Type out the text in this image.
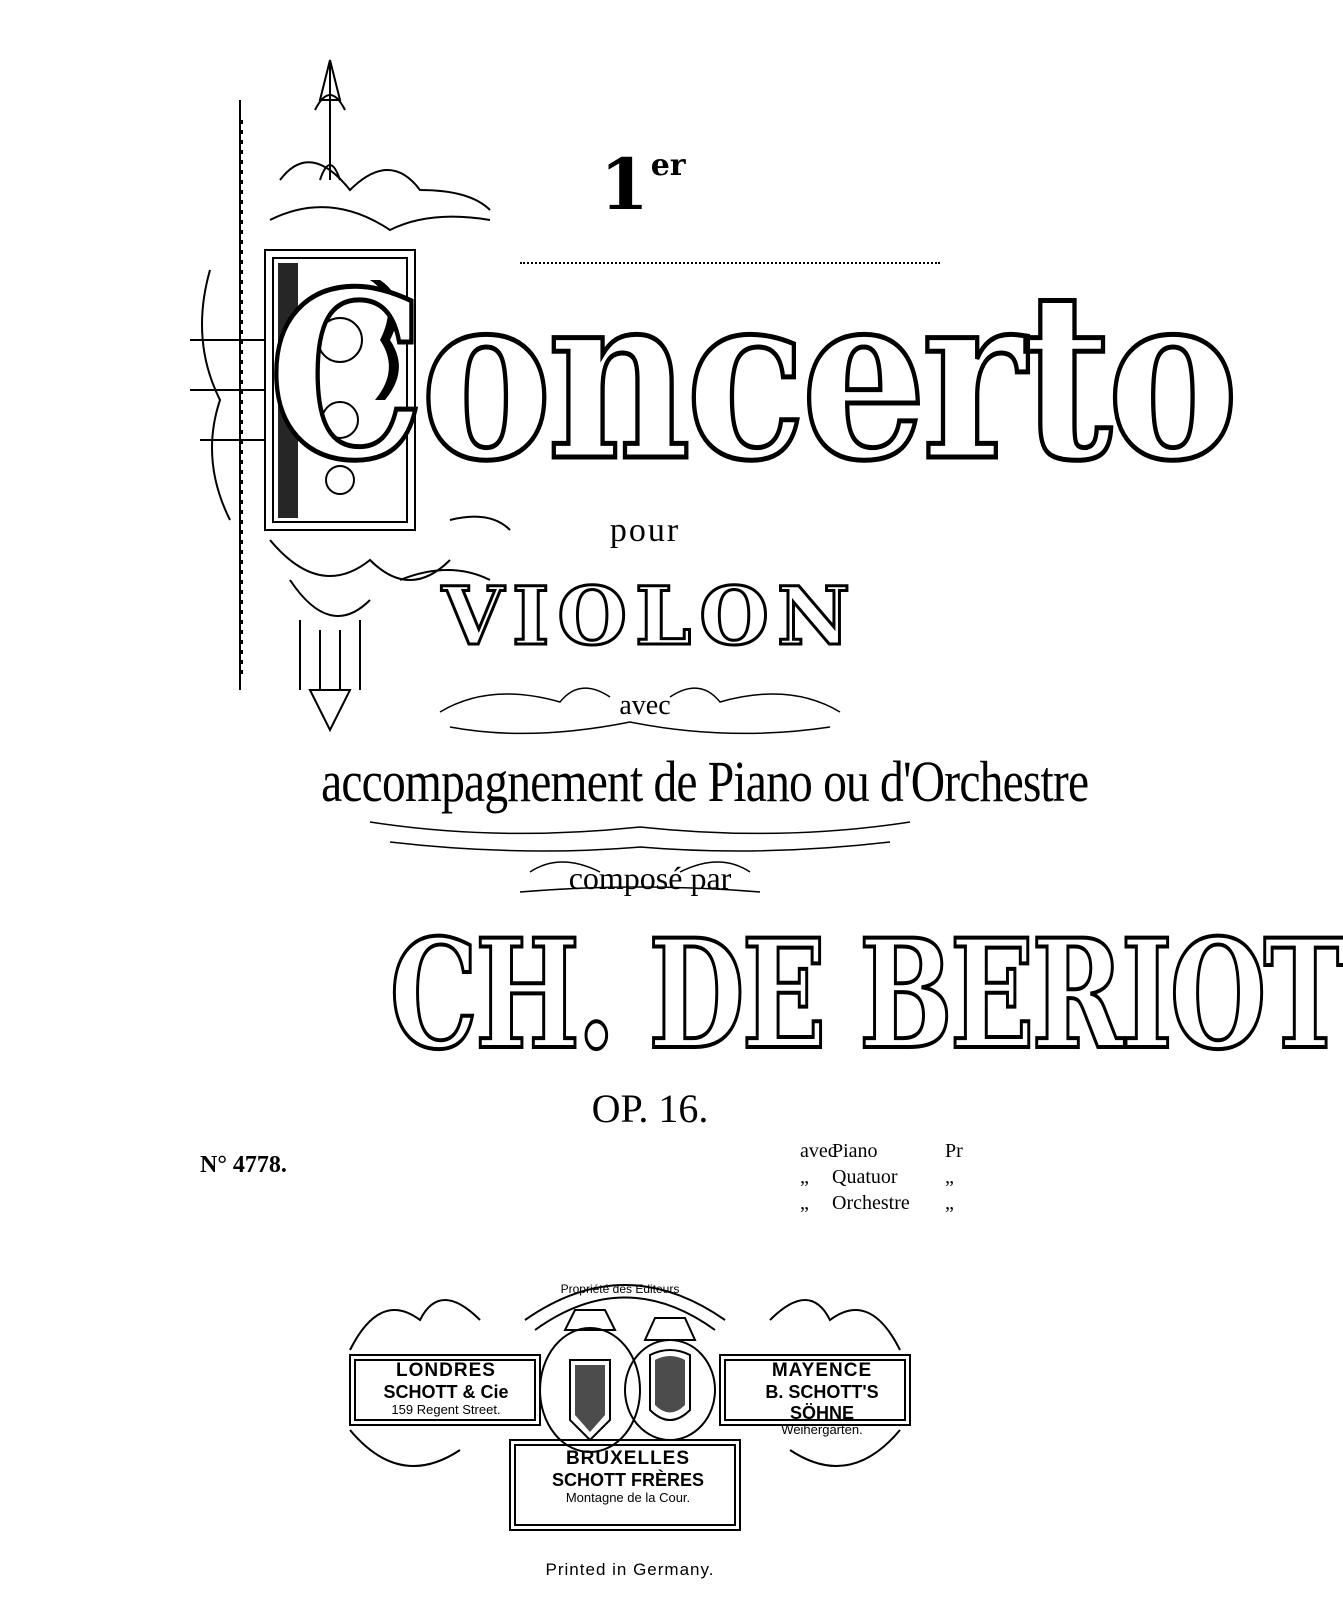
1er
Concerto
pour
VIOLON
avec
accompagnement de Piano ou d'Orchestre
composé par
CH. DE BERIOT
OP. 16.
N° 4778.
avec
Piano	Pr
„ Quatuor „
„ Orchestre „
Propriété des Editeurs
LONDRES
SCHOTT & Cie
159 Regent Street.
MAYENCE
B. SCHOTT'S SÖHNE
Weihergarten.
BRUXELLES
SCHOTT FRÈRES
Montagne de la Cour.
Printed in Germany.
